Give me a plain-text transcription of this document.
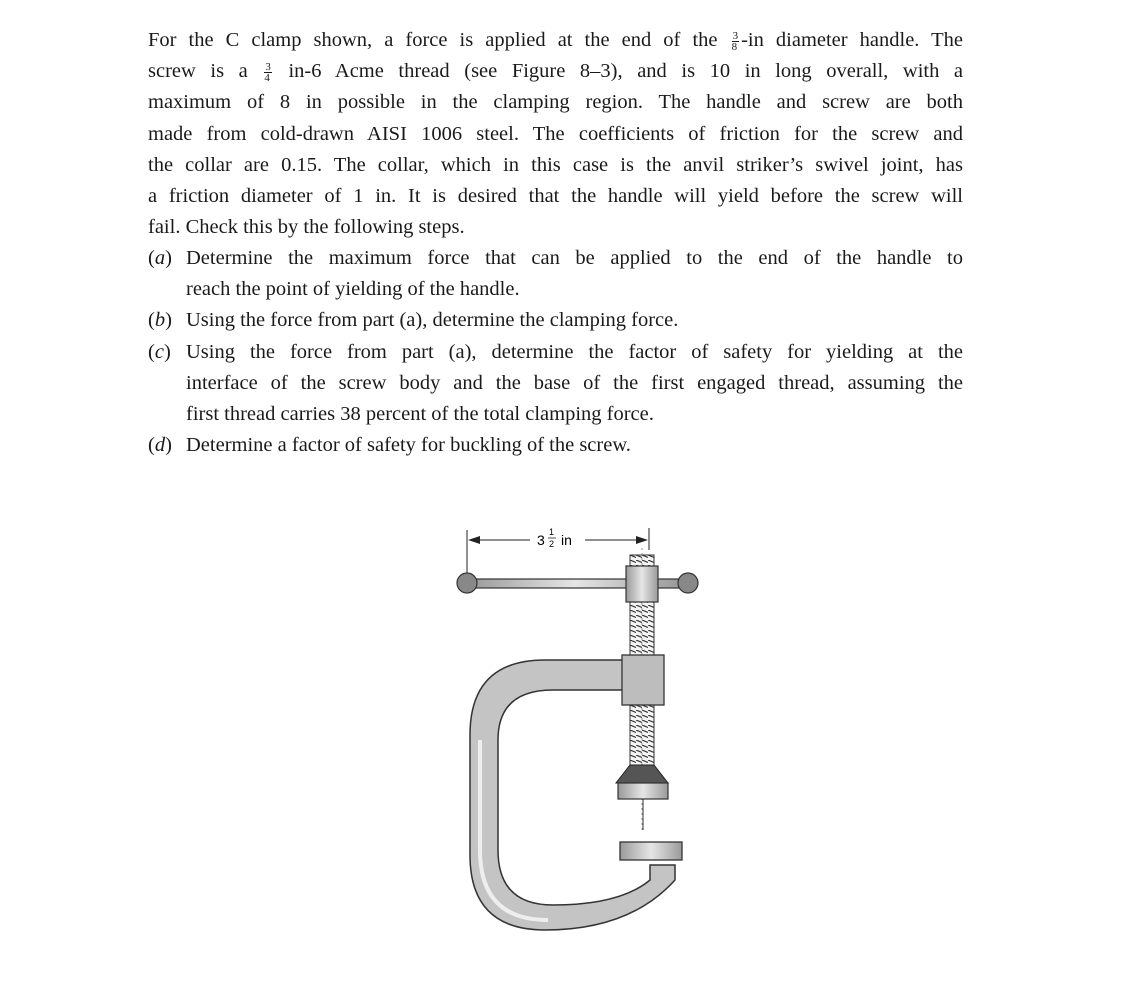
For the C clamp shown, a force is applied at the end of the $\frac{3}{8} -in$ diameter handle. The
screw is a $\frac{3}{4} in-6$ Acme thread (see Figure 8–3), and is 10 in long overall, with a
maximum of 8 in possible in the clamping region. The handle and screw are both
made from cold-drawn AISI 1006 steel. The coefficients of friction for the screw and
the collar are 0.15. The collar, which in this case is the anvil striker’s swivel joint, has
a friction diameter of 1 in. It is desired that the handle will yield before the screw will
fail. Check this by the following steps.
(a) Determine the maximum force that can be applied to the end of the handle to
reach the point of yielding of the handle.
(b) Using the force from part (a), determine the clamping force.
(c) Using the force from part (a), determine the factor of safety for yielding at the
interface of the screw body and the base of the first engaged thread, assuming the
first thread carries 38 percent of the total clamping force.
(d) Determine a factor of safety for buckling of the screw.
3 1
2 in
